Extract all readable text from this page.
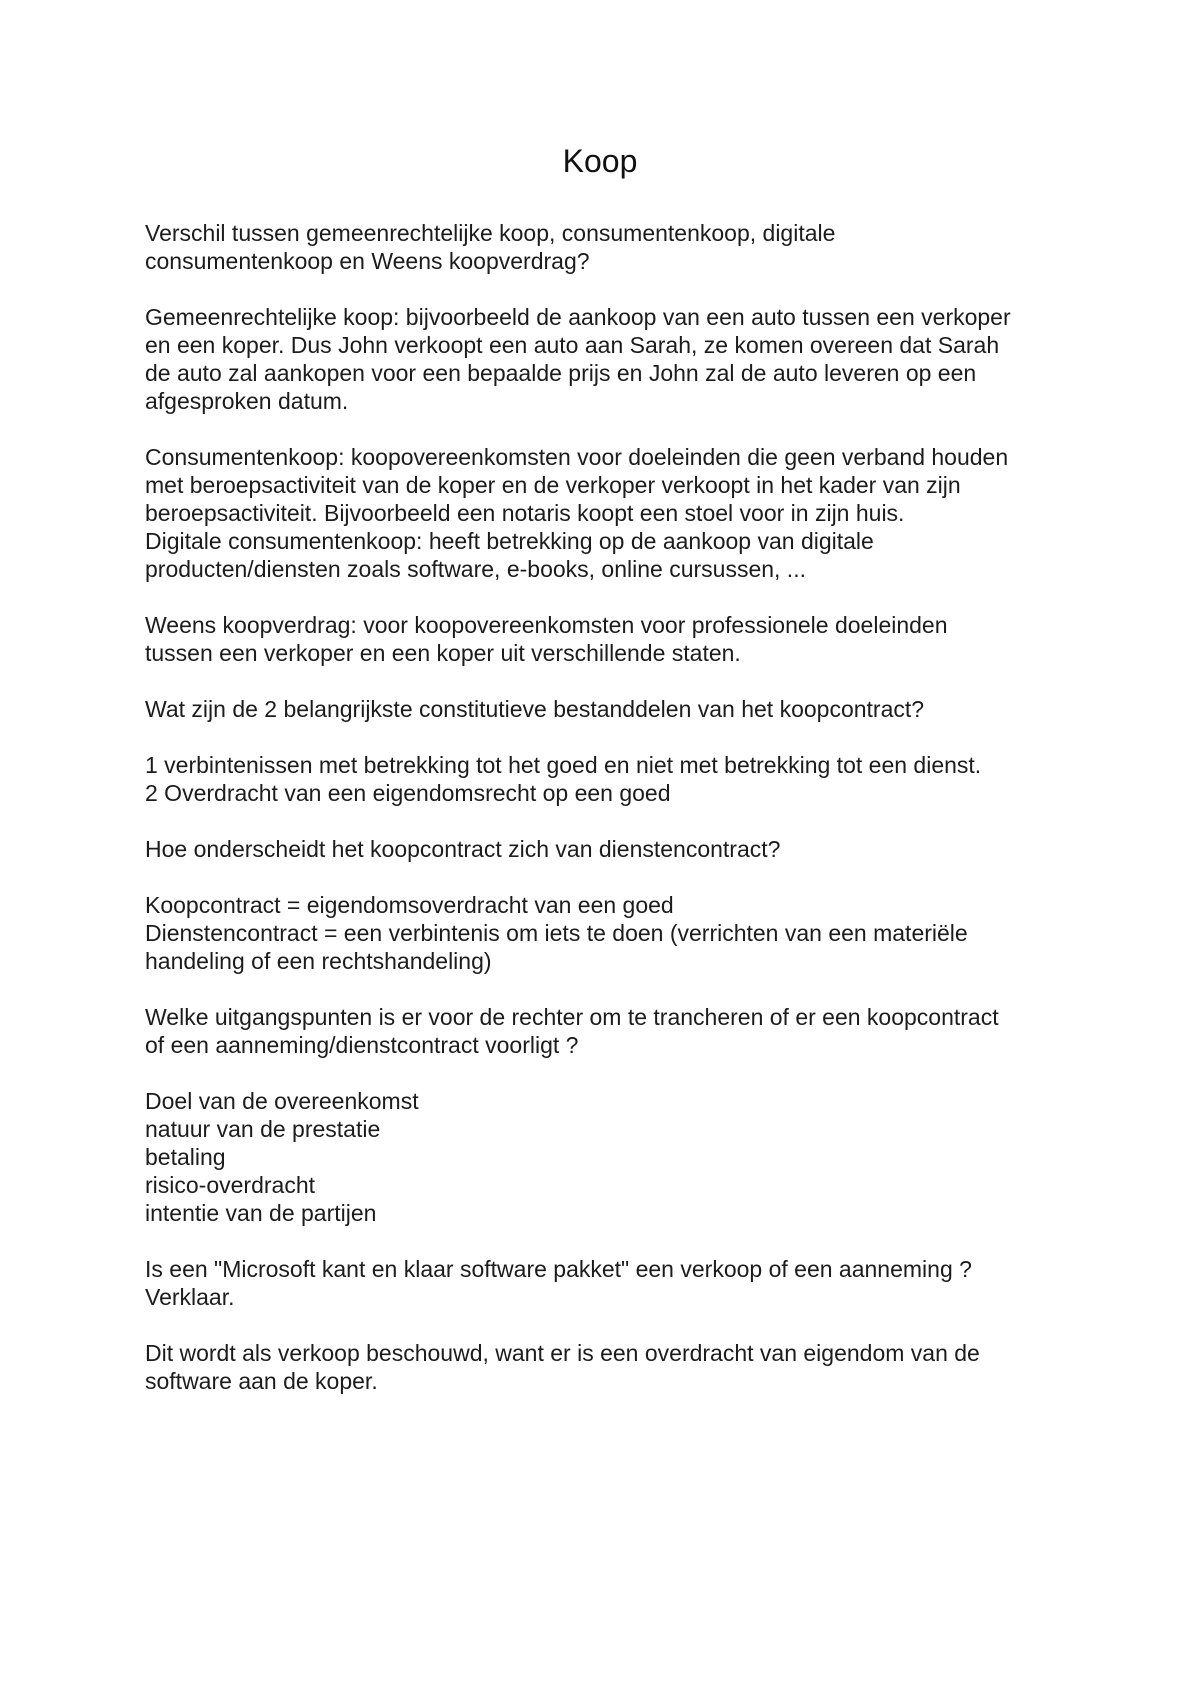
Koop
Verschil tussen gemeenrechtelijke koop, consumentenkoop, digitale
consumentenkoop en Weens koopverdrag?
Gemeenrechtelijke koop: bijvoorbeeld de aankoop van een auto tussen een verkoper
en een koper. Dus John verkoopt een auto aan Sarah, ze komen overeen dat Sarah
de auto zal aankopen voor een bepaalde prijs en John zal de auto leveren op een
afgesproken datum.
Consumentenkoop: koopovereenkomsten voor doeleinden die geen verband houden
met beroepsactiviteit van de koper en de verkoper verkoopt in het kader van zijn
beroepsactiviteit. Bijvoorbeeld een notaris koopt een stoel voor in zijn huis.
Digitale consumentenkoop: heeft betrekking op de aankoop van digitale
producten/diensten zoals software, e-books, online cursussen, ...
Weens koopverdrag: voor koopovereenkomsten voor professionele doeleinden
tussen een verkoper en een koper uit verschillende staten.
Wat zijn de 2 belangrijkste constitutieve bestanddelen van het koopcontract?
1 verbintenissen met betrekking tot het goed en niet met betrekking tot een dienst.
2 Overdracht van een eigendomsrecht op een goed
Hoe onderscheidt het koopcontract zich van dienstencontract?
Koopcontract = eigendomsoverdracht van een goed
Dienstencontract = een verbintenis om iets te doen (verrichten van een materiële
handeling of een rechtshandeling)
Welke uitgangspunten is er voor de rechter om te trancheren of er een koopcontract
of een aanneming/dienstcontract voorligt ?
Doel van de overeenkomst
natuur van de prestatie
betaling
risico-overdracht
intentie van de partijen
Is een "Microsoft kant en klaar software pakket" een verkoop of een aanneming ?
Verklaar.
Dit wordt als verkoop beschouwd, want er is een overdracht van eigendom van de
software aan de koper.
